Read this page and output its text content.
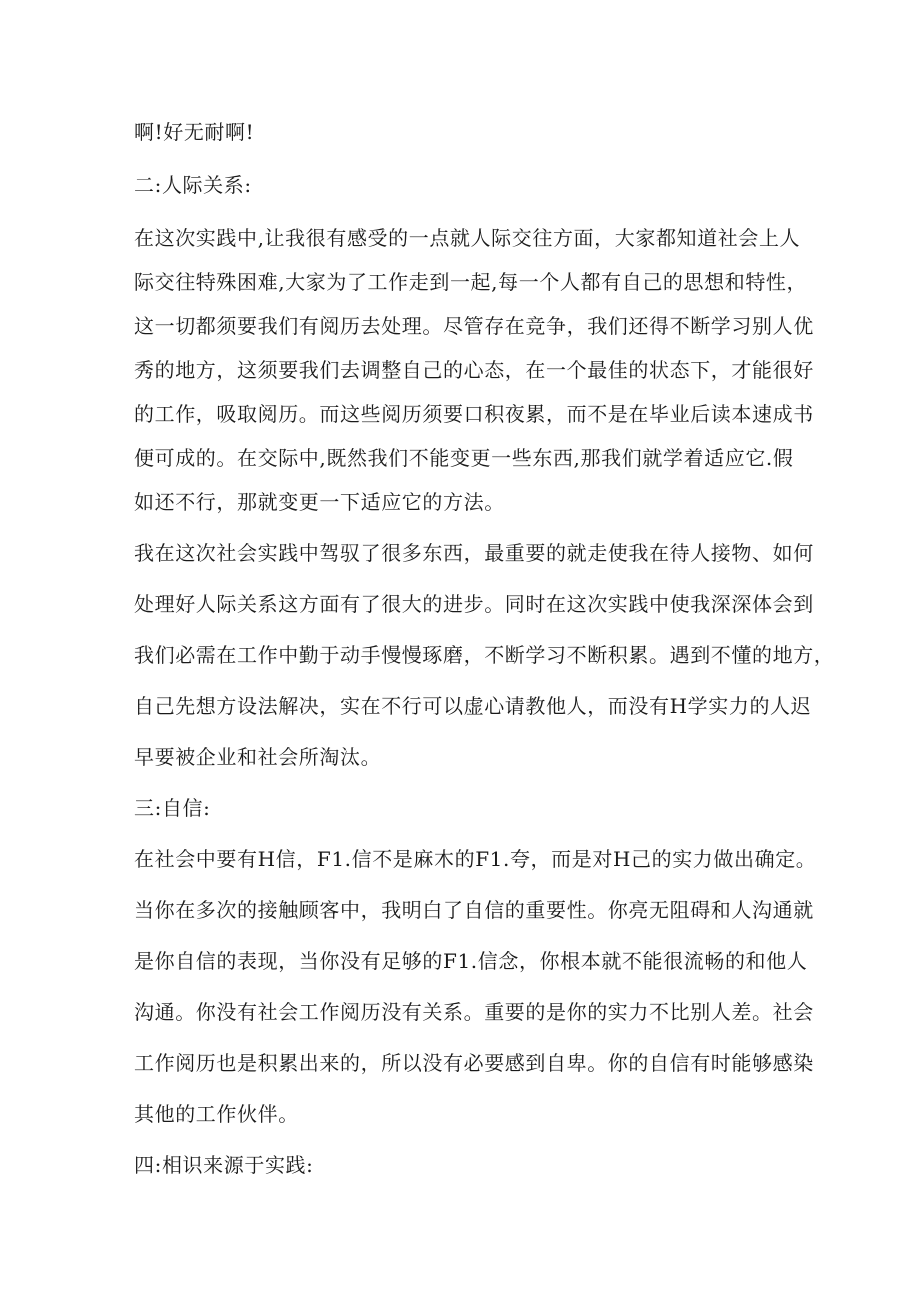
啊!好无耐啊!
二:人际关系:
在这次实践中,让我很有感受的一点就人际交往方面，大家都知道社会上人
际交往特殊困难,大家为了工作走到一起,每一个人都有自己的思想和特性，
这一切都须要我们有阅历去处理。尽管存在竞争，我们还得不断学习别人优
秀的地方，这须要我们去调整自己的心态，在一个最佳的状态下，才能很好
的工作，吸取阅历。而这些阅历须要口积夜累，而不是在毕业后读本速成书
便可成的。在交际中,既然我们不能变更一些东西,那我们就学着适应它.假
如还不行，那就变更一下适应它的方法。
我在这次社会实践中驾驭了很多东西，最重要的就走使我在待人接物、如何
处理好人际关系这方面有了很大的进步。同时在这次实践中使我深深体会到
我们必需在工作中勤于动手慢慢琢磨，不断学习不断积累。遇到不懂的地方，
自己先想方设法解决，实在不行可以虚心请教他人，而没有H学实力的人迟
早要被企业和社会所淘汰。
三:自信:
在社会中要有H信，F1.信不是麻木的F1.夸，而是对H己的实力做出确定。
当你在多次的接触顾客中，我明白了自信的重要性。你亮无阻碍和人沟通就
是你自信的表现，当你没有足够的F1.信念，你根本就不能很流畅的和他人
沟通。你没有社会工作阅历没有关系。重要的是你的实力不比别人差。社会
工作阅历也是积累出来的，所以没有必要感到自卑。你的自信有时能够感染
其他的工作伙伴。
四:相识来源于实践:
